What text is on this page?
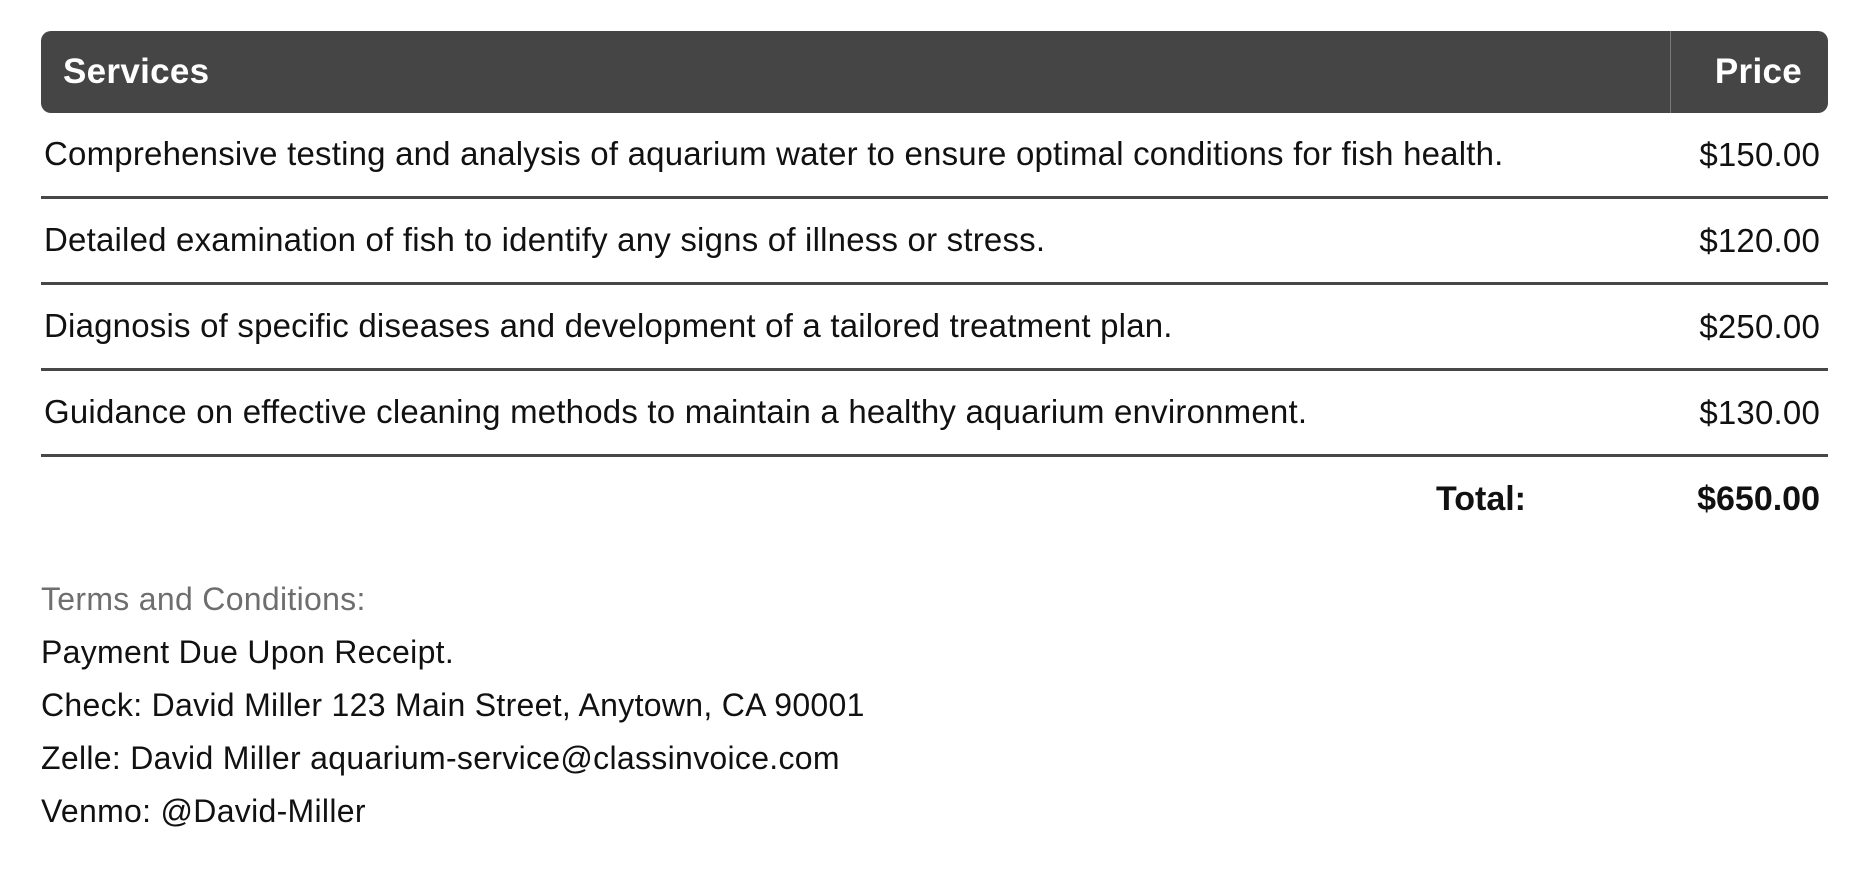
Services	Price
Comprehensive testing and analysis of aquarium water to ensure optimal conditions for fish health.	$150.00
Detailed examination of fish to identify any signs of illness or stress.	$120.00
Diagnosis of specific diseases and development of a tailored treatment plan.	$250.00
Guidance on effective cleaning methods to maintain a healthy aquarium environment.	$130.00
Total:	$650.00
Terms and Conditions:
Payment Due Upon Receipt.
Check: David Miller 123 Main Street, Anytown, CA 90001
Zelle: David Miller aquarium-service@classinvoice.com
Venmo: @David-Miller
